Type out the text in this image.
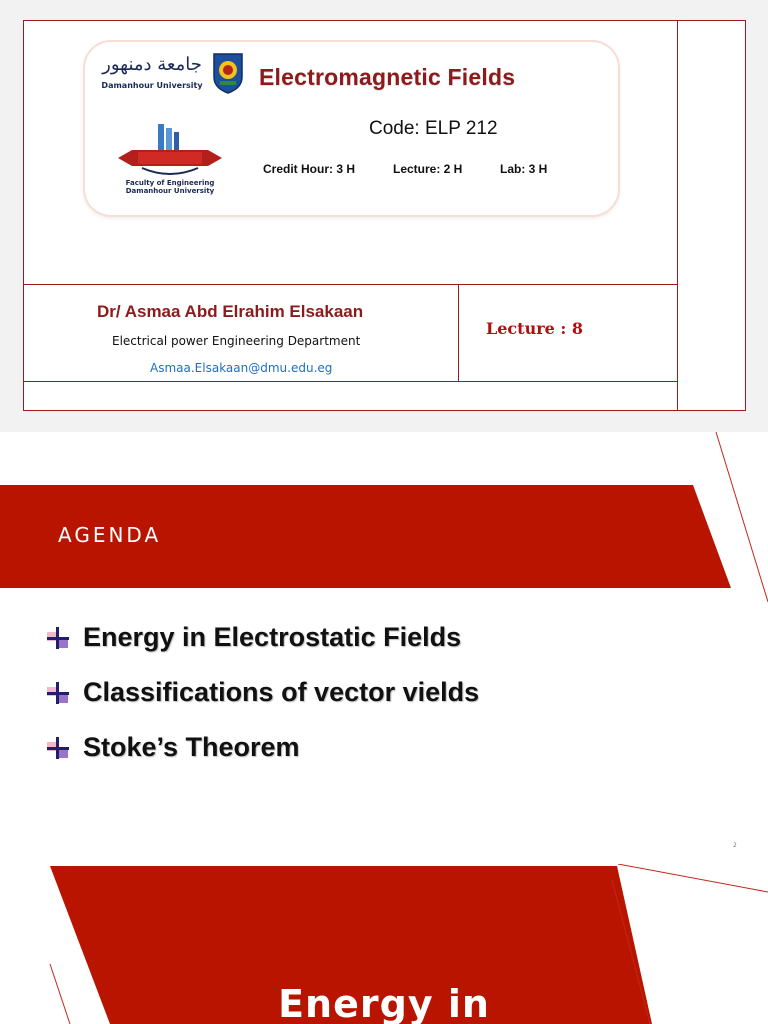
جامعة دمنهور
Damanhour University Electromagnetic Fields
Code: ELP 212
Credit Hour: 3 H	Lecture: 2 H	Lab: 3 H
Faculty of Engineering
Damanhour University
Dr/ Asmaa Abd Elrahim Elsakaan
Electrical power Engineering Department
Asmaa.Elsakaan@dmu.edu.eg
Lecture : 8
AGENDA
Energy in Electrostatic Fields
Classifications of vector vields
Stoke’s Theorem
2
Energy in
